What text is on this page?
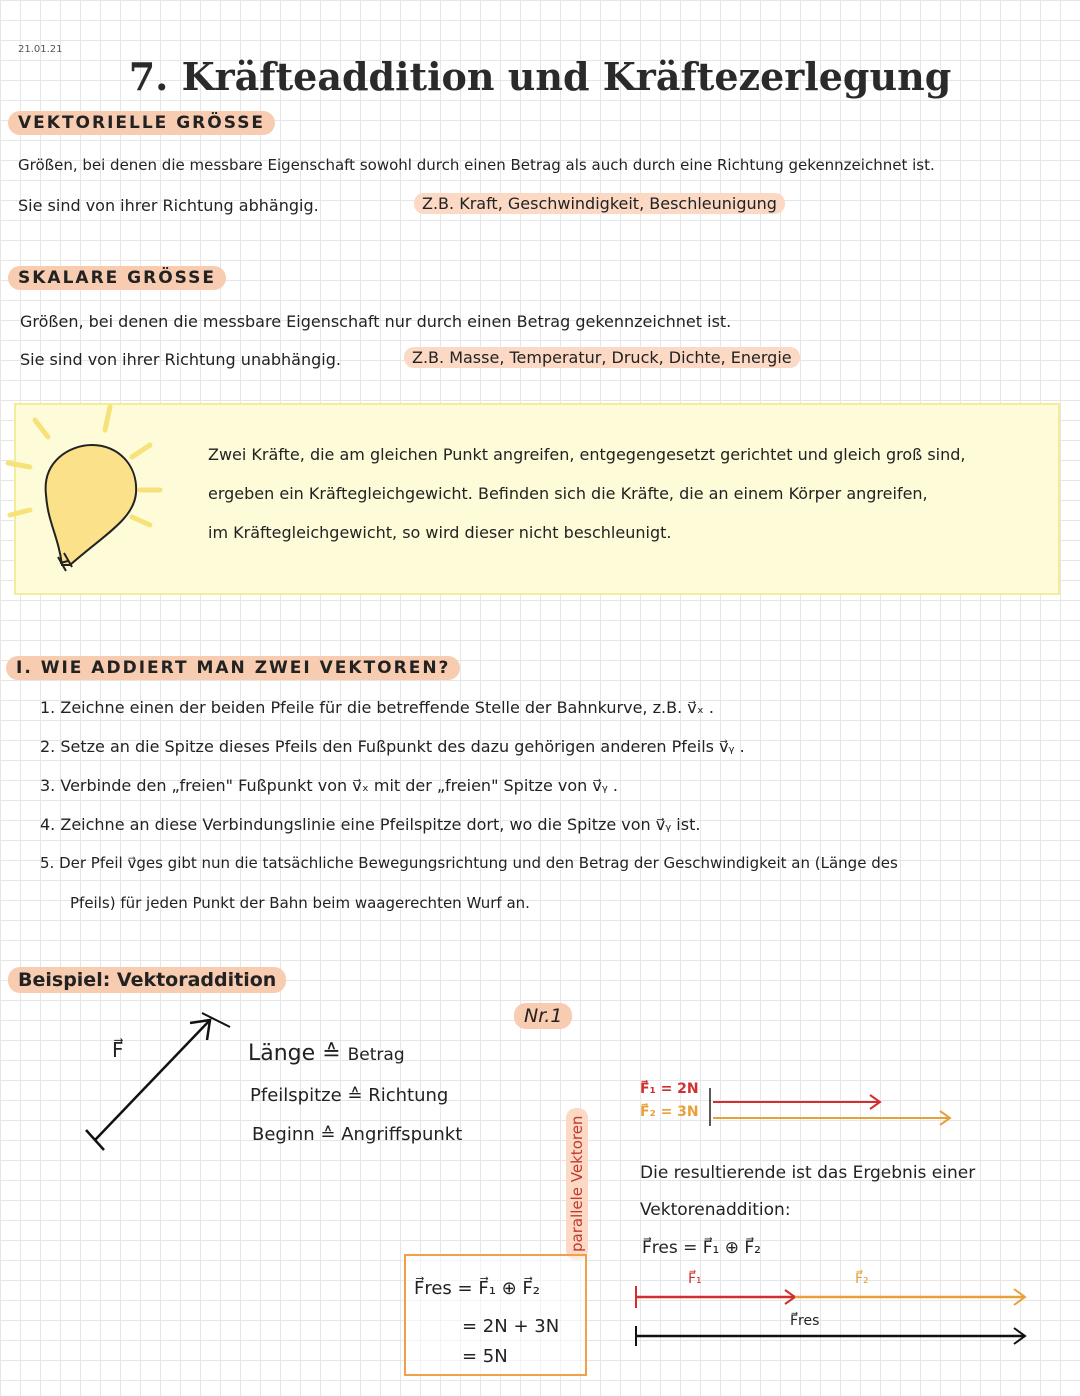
21.01.21
7. Kräfteaddition und Kräftezerlegung
VEKTORIELLE GRÖSSE
Größen, bei denen die messbare Eigenschaft sowohl durch einen Betrag als auch durch eine Richtung gekennzeichnet ist.
Sie sind von ihrer Richtung abhängig.	Z.B. Kraft, Geschwindigkeit, Beschleunigung
SKALARE GRÖSSE
Größen, bei denen die messbare Eigenschaft nur durch einen Betrag gekennzeichnet ist.
Sie sind von ihrer Richtung unabhängig.	Z.B. Masse, Temperatur, Druck, Dichte, Energie
Zwei Kräfte, die am gleichen Punkt angreifen, entgegengesetzt gerichtet und gleich groß sind,
ergeben ein Kräftegleichgewicht. Befinden sich die Kräfte, die an einem Körper angreifen,
im Kräftegleichgewicht, so wird dieser nicht beschleunigt.
I. WIE ADDIERT MAN ZWEI VEKTOREN?
1. Zeichne einen der beiden Pfeile für die betreffende Stelle der Bahnkurve, z.B. v⃗ₓ .
2. Setze an die Spitze dieses Pfeils den Fußpunkt des dazu gehörigen anderen Pfeils v⃗ᵧ .
3. Verbinde den „freien" Fußpunkt von v⃗ₓ mit der „freien" Spitze von v⃗ᵧ .
4. Zeichne an diese Verbindungslinie eine Pfeilspitze dort, wo die Spitze von v⃗ᵧ ist.
5. Der Pfeil v⃗ges gibt nun die tatsächliche Bewegungsrichtung und den Betrag der Geschwindigkeit an (Länge des
Pfeils) für jeden Punkt der Bahn beim waagerechten Wurf an.
Beispiel: Vektoraddition
F⃗	Länge ≙ Betrag
Pfeilspitze ≙ Richtung
Beginn ≙ Angriffspunkt
Nr.1
parallele Vektoren
F⃗₁ = 2N
F⃗₂ = 3N
Die resultierende ist das Ergebnis einer
Vektorenaddition:
F⃗res = F⃗₁ ⊕ F⃗₂
F⃗₁	F⃗₂
F⃗res
F⃗res = F⃗₁ ⊕ F⃗₂
= 2N + 3N
= 5N
